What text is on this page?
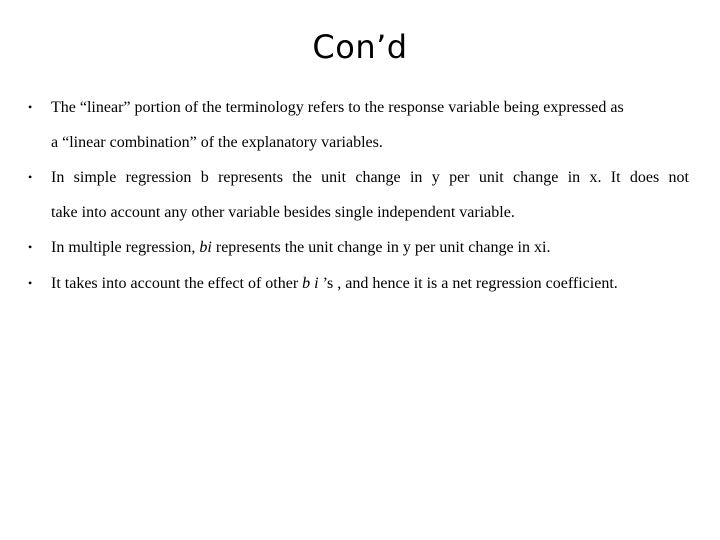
Con’d
• The “linear” portion of the terminology refers to the response variable being expressed as
a “linear combination” of the explanatory variables.
• In simple regression b represents the unit change in y per unit change in x. It does not
take into account any other variable besides single independent variable.
• In multiple regression, bi represents the unit change in y per unit change in xi.
• It takes into account the effect of other b i ’s , and hence it is a net regression coefficient.
